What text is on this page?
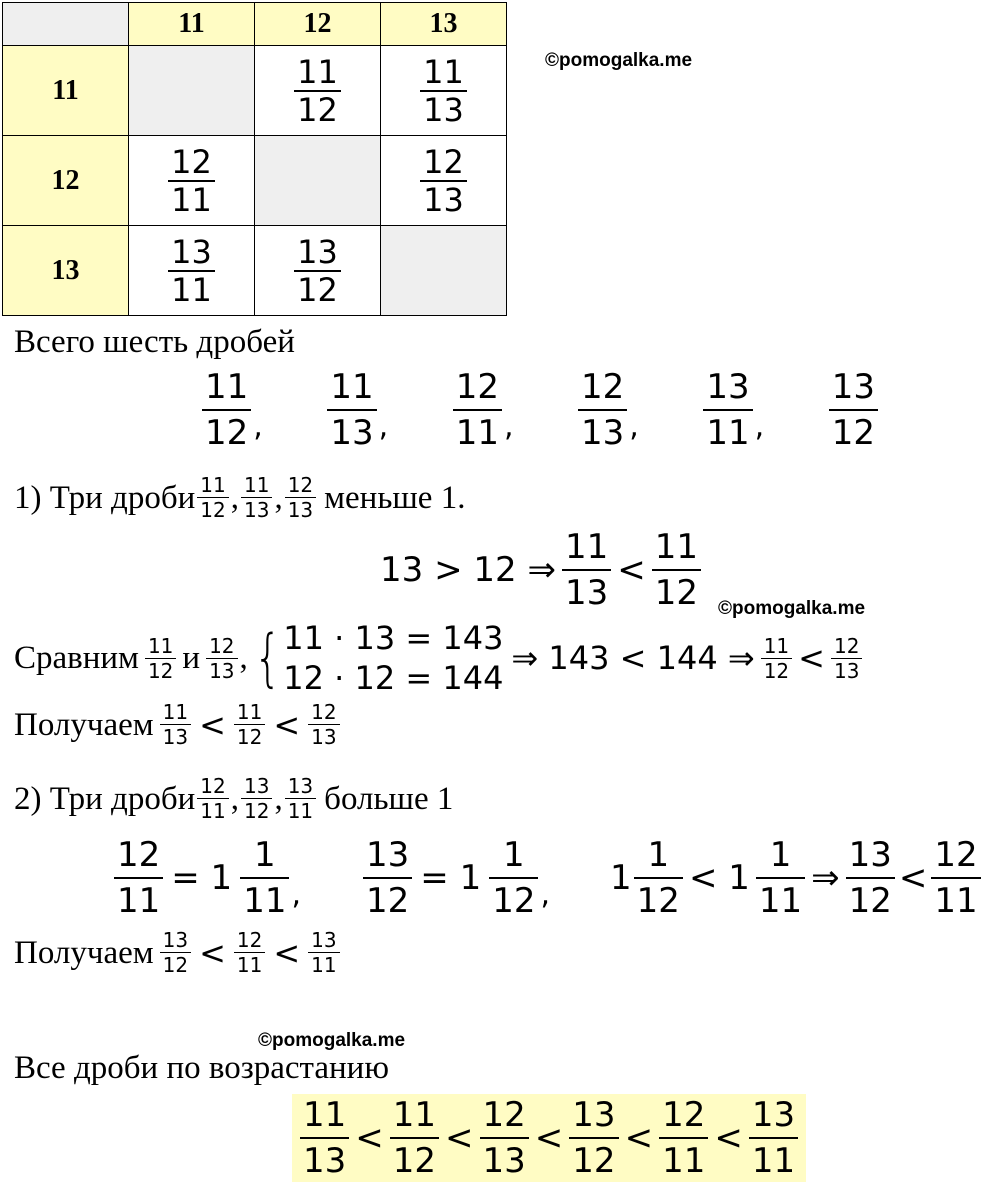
©pomogalka.me
©pomogalka.me
©pomogalka.me
	11	12	13
11		$\frac{11}{12}$	$\frac{11}{13}$

12	$\frac{12}{11}$		$\frac{12}{13}$

13	$\frac{13}{11}$	$\frac{13}{12}$

Всего шесть дробей
$\frac{11}{12}$ , $\frac{11}{13}$ , $\frac{12}{11}$ , $\frac{12}{13}$ , $\frac{13}{11}$ , $\frac{13}{12}$
1) Три дроби $\frac{11}{12}$ , $\frac{11}{13}$ , $\frac{12}{13}$ меньше 1.
13 > 12 ⇒ $\frac{11}{13} < \frac{11}{12}$
Сравним $\frac{11}{12}$ и $\frac{12}{13}$ , { 11 · 13 = 143
12 · 12 = 144
⇒ 143 < 144 ⇒ $\frac{11}{12} < \frac{12}{13}$
Получаем $\frac{11}{13} < \frac{11}{12} < \frac{12}{13}$
2) Три дроби $\frac{12}{11}$ , $\frac{13}{12}$ , $\frac{13}{11}$ больше 1
$\frac{12}{11} = 1 \frac{1}{11}$ , $\frac{13}{12} = 1 \frac{1}{12}$ , $1 \frac{1}{12} < 1 \frac{1}{11}$ ⇒ $\frac{13}{12} < \frac{12}{11}$
Получаем $\frac{13}{12} < \frac{12}{11} < \frac{13}{11}$
Все дроби по возрастанию
$\frac{11}{13} < \frac{11}{12} < \frac{12}{13} < \frac{13}{12} < \frac{12}{11} < \frac{13}{11}$
